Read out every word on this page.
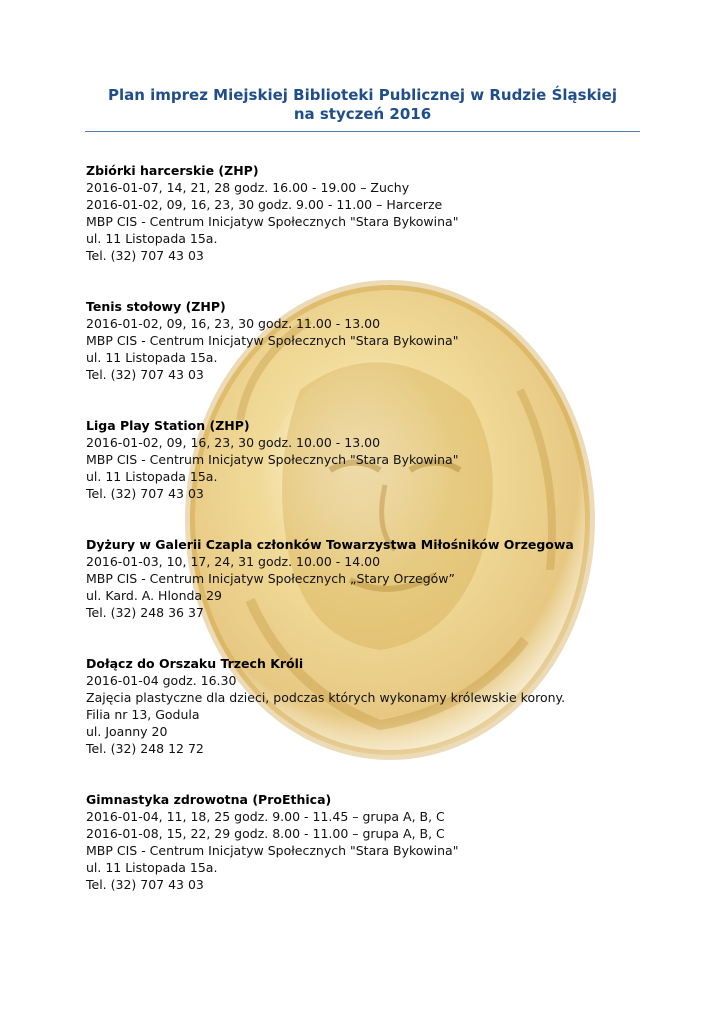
Plan imprez Miejskiej Biblioteki Publicznej w Rudzie Śląskiej
na styczeń 2016
Zbiórki harcerskie (ZHP)
2016-01-07, 14, 21, 28 godz. 16.00 - 19.00 – Zuchy
2016-01-02, 09, 16, 23, 30 godz. 9.00 - 11.00 – Harcerze
MBP CIS - Centrum Inicjatyw Społecznych "Stara Bykowina"
ul. 11 Listopada 15a.
Tel. (32) 707 43 03
Tenis stołowy (ZHP)
2016-01-02, 09, 16, 23, 30 godz. 11.00 - 13.00
MBP CIS - Centrum Inicjatyw Społecznych "Stara Bykowina"
ul. 11 Listopada 15a.
Tel. (32) 707 43 03
Liga Play Station (ZHP)
2016-01-02, 09, 16, 23, 30 godz. 10.00 - 13.00
MBP CIS - Centrum Inicjatyw Społecznych "Stara Bykowina"
ul. 11 Listopada 15a.
Tel. (32) 707 43 03
Dyżury w Galerii Czapla członków Towarzystwa Miłośników Orzegowa
2016-01-03, 10, 17, 24, 31 godz. 10.00 - 14.00
MBP CIS - Centrum Inicjatyw Społecznych „Stary Orzegów”
ul. Kard. A. Hlonda 29
Tel. (32) 248 36 37
Dołącz do Orszaku Trzech Króli
2016-01-04 godz. 16.30
Zajęcia plastyczne dla dzieci, podczas których wykonamy królewskie korony.
Filia nr 13, Godula
ul. Joanny 20
Tel. (32) 248 12 72
Gimnastyka zdrowotna (ProEthica)
2016-01-04, 11, 18, 25 godz. 9.00 - 11.45 – grupa A, B, C
2016-01-08, 15, 22, 29 godz. 8.00 - 11.00 – grupa A, B, C
MBP CIS - Centrum Inicjatyw Społecznych "Stara Bykowina"
ul. 11 Listopada 15a.
Tel. (32) 707 43 03
